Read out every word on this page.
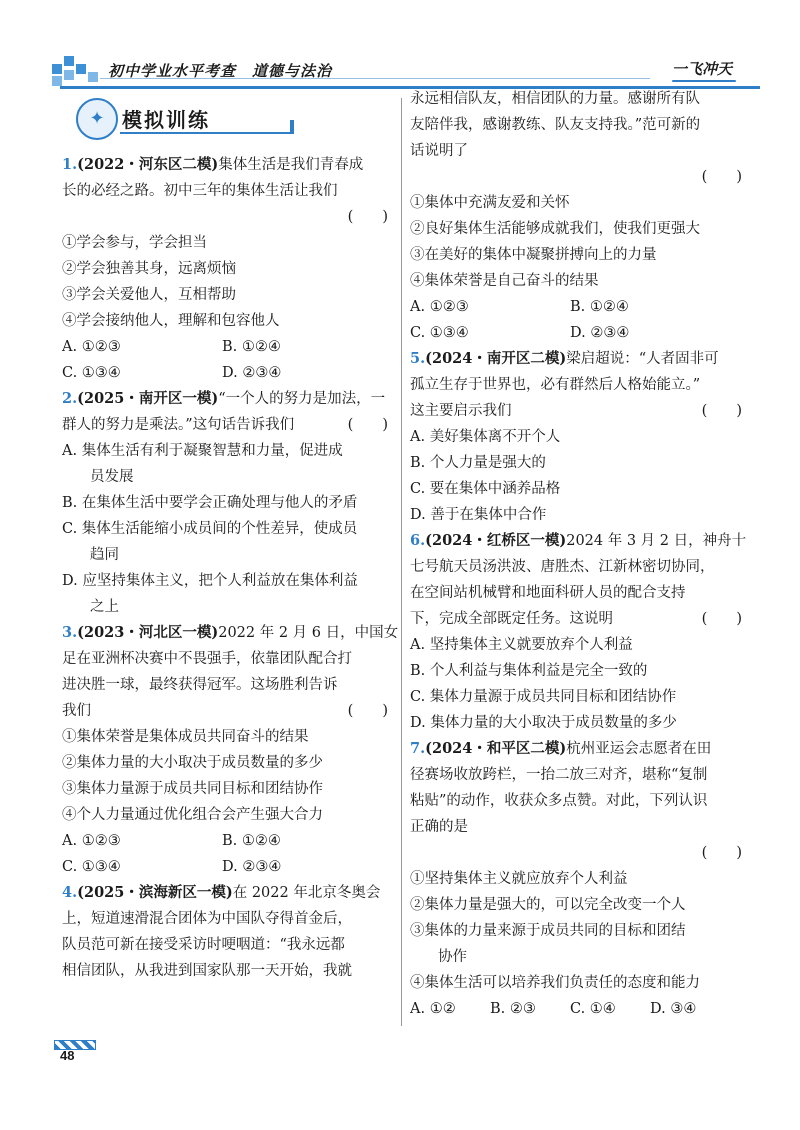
初中学业水平考查　道德与法治	一飞冲天
✦ 模拟训练
1.(2022・河东区二模)集体生活是我们青春成
长的必经之路。初中三年的集体生活让我们
(　　)
①学会参与，学会担当
②学会独善其身，远离烦恼
③学会关爱他人，互相帮助
④学会接纳他人，理解和包容他人
A. ①②③	B. ①②④
C. ①③④	D. ②③④
2.(2025・南开区一模)“一个人的努力是加法，一
群人的努力是乘法。”这句话告诉我们	(　　)
A. 集体生活有利于凝聚智慧和力量，促进成
员发展
B. 在集体生活中要学会正确处理与他人的矛盾
C. 集体生活能缩小成员间的个性差异，使成员
趋同
D. 应坚持集体主义，把个人利益放在集体利益
之上
3.(2023・河北区一模)2022 年 2 月 6 日，中国女
足在亚洲杯决赛中不畏强手，依靠团队配合打
进决胜一球，最终获得冠军。这场胜利告诉
我们	(　　)
①集体荣誉是集体成员共同奋斗的结果
②集体力量的大小取决于成员数量的多少
③集体力量源于成员共同目标和团结协作
④个人力量通过优化组合会产生强大合力
A. ①②③	B. ①②④
C. ①③④	D. ②③④
4.(2025・滨海新区一模)在 2022 年北京冬奥会
上，短道速滑混合团体为中国队夺得首金后，
队员范可新在接受采访时哽咽道：“我永远都
相信团队，从我进到国家队那一天开始，我就
永远相信队友，相信团队的力量。感谢所有队
友陪伴我，感谢教练、队友支持我。”范可新的
话说明了
(　　)
①集体中充满友爱和关怀
②良好集体生活能够成就我们，使我们更强大
③在美好的集体中凝聚拼搏向上的力量
④集体荣誉是自己奋斗的结果
A. ①②③	B. ①②④
C. ①③④	D. ②③④
5.(2024・南开区二模)梁启超说：“人者固非可
孤立生存于世界也，必有群然后人格始能立。”
这主要启示我们	(　　)
A. 美好集体离不开个人
B. 个人力量是强大的
C. 要在集体中涵养品格
D. 善于在集体中合作
6.(2024・红桥区一模)2024 年 3 月 2 日，神舟十
七号航天员汤洪波、唐胜杰、江新林密切协同，
在空间站机械臂和地面科研人员的配合支持
下，完成全部既定任务。这说明	(　　)
A. 坚持集体主义就要放弃个人利益
B. 个人利益与集体利益是完全一致的
C. 集体力量源于成员共同目标和团结协作
D. 集体力量的大小取决于成员数量的多少
7.(2024・和平区二模)杭州亚运会志愿者在田
径赛场收放跨栏，一抬二放三对齐，堪称“复制
粘贴”的动作，收获众多点赞。对此，下列认识
正确的是
(　　)
①坚持集体主义就应放弃个人利益
②集体力量是强大的，可以完全改变一个人
③集体的力量来源于成员共同的目标和团结
协作
④集体生活可以培养我们负责任的态度和能力
A. ①②	B. ②③	C. ①④	D. ③④
48
